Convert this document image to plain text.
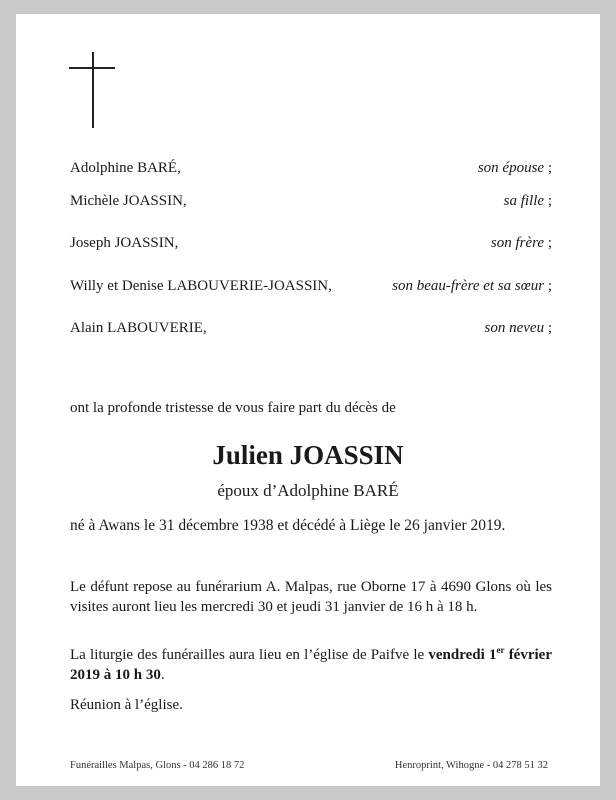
Adolphine BARÉ,	son épouse ;
Michèle JOASSIN,	sa fille ;
Joseph JOASSIN,	son frère ;
Willy et Denise LABOUVERIE-JOASSIN,	son beau-frère et sa sœur ;
Alain LABOUVERIE,	son neveu ;
ont la profonde tristesse de vous faire part du décès de
Julien JOASSIN
époux d’Adolphine BARÉ
né à Awans le 31 décembre 1938 et décédé à Liège le 26 janvier 2019.
Le défunt repose au funérarium A. Malpas, rue Oborne 17 à 4690 Glons où les visites auront lieu les mercredi 30 et jeudi 31 janvier de 16 h à 18 h.
La liturgie des funérailles aura lieu en l’église de Paifve le vendredi 1er février 2019 à 10 h 30.
Réunion à l’église.
Funérailles Malpas, Glons - 04 286 18 72	Henroprint, Wihogne - 04 278 51 32
